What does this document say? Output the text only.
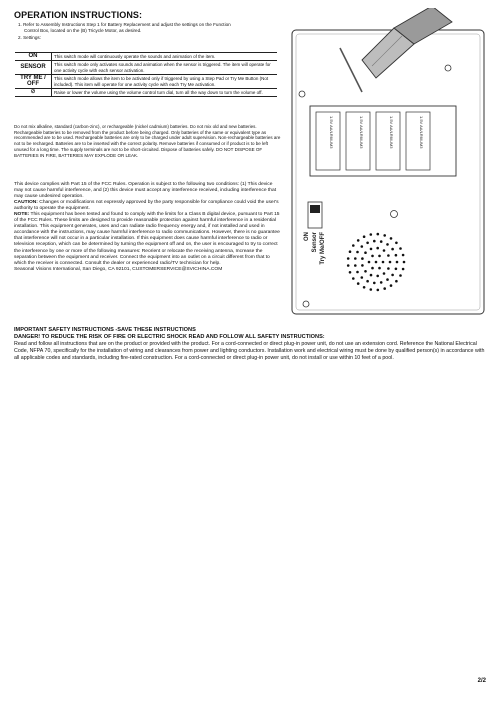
OPERATION INSTRUCTIONS:
1. Refer to Assembly Instructions Step 1 for Battery Replacement and adjust the settings on the Function
Control Box, located on the (B) Tricycle Motor, as desired.
2. Settings:
ON	This switch mode will continuously operate the sounds and animation of the item.
SENSOR	This switch mode only activates sounds and animation when the sensor is triggered. The item will operate for one activity cycle with each sensor activation.
TRY ME / OFF	This switch mode allows the item to be activated only if triggered by using a Step Pad or Try Me Button (Not included). This item will operate for one activity cycle with each Try Me activation.
⊘	Raise or lower the volume using the volume control turn dial, turn all the way down to turn the volume off.
Do not mix alkaline, standard (carbon-zinc), or rechargeable (nickel cadmium) batteries. Do not mix old and new batteries. Rechargeable batteries to be removed from the product before being charged. Only batteries of the same or equivalent type as recommended are to be used. Rechargeable batteries are only to be charged under adult supervision. Non-rechargeable batteries are not to be recharged. Batteries are to be inserted with the correct polarity. Remove batteries if consumed or if product is to be left unused for a long time. The supply terminals are not to be short-circuited. Dispose of batteries safely. DO NOT DISPOSE OF BATTERIES IN FIRE, BATTERIES MAY EXPLODE OR LEAK.
This device complies with Part 15 of the FCC Rules. Operation is subject to the following two conditions: (1) This device may not cause harmful interference, and (2) this device must accept any interference received, including interference that may cause undesired operation.
CAUTION: Changes or modifications not expressly approved by the party responsible for compliance could void the user's authority to operate the equipment.
NOTE: This equipment has been tested and found to comply with the limits for a Class B digital device, pursuant to Part 15 of the FCC Rules. These limits are designed to provide reasonable protection against harmful interference in a residential installation. This equipment generates, uses and can radiate radio frequency energy and, if not installed and used in accordance with the instructions, may cause harmful interference to radio communications. However, there is no guarantee that interference will not occur in a particular installation. If this equipment does cause harmful interference to radio or television reception, which can be determined by turning the equipment off and on, the user is encouraged to try to correct the interference by one or more of the following measures: Reorient or relocate the receiving antenna, Increase the separation between the equipment and receiver. Connect the equipment into an outlet on a circuit different from that to which the receiver is connected. Consult the dealer or experienced radio/TV technician for help.
Seasonal Visions International, San Diego, CA 92101, CUSTOMERSERVICE@SVICHINA.COM
IMPORTANT SAFETY INSTRUCTIONS -SAVE THESE INSTRUCTIONS
DANGER! TO REDUCE THE RISK OF FIRE OR ELECTRIC SHOCK READ AND FOLLOW ALL SAFETY INSTRUCTIONS:
Read and follow all instructions that are on the product or provided with the product. For a cord-connected or direct plug-in power unit, do not use an extension cord. Reference the National Electrical Code, NFPA 70, specifically for the installation of wiring and clearances from power and lighting conductors. Installation work and electrical wiring must be done by qualified person(s) in accordance with all applicable codes and standards, including fire-rated construction. For a cord-connected or direct plug-in power unit, do not install or use within 10 feet of a pool.
1.5V AA/LR6/UM3	1.5V AA/LR6/UM3	1.5V AA/LR6/UM3	1.5V AA/LR6/UM3
ON Sensor Try Me/OFF
2/2
